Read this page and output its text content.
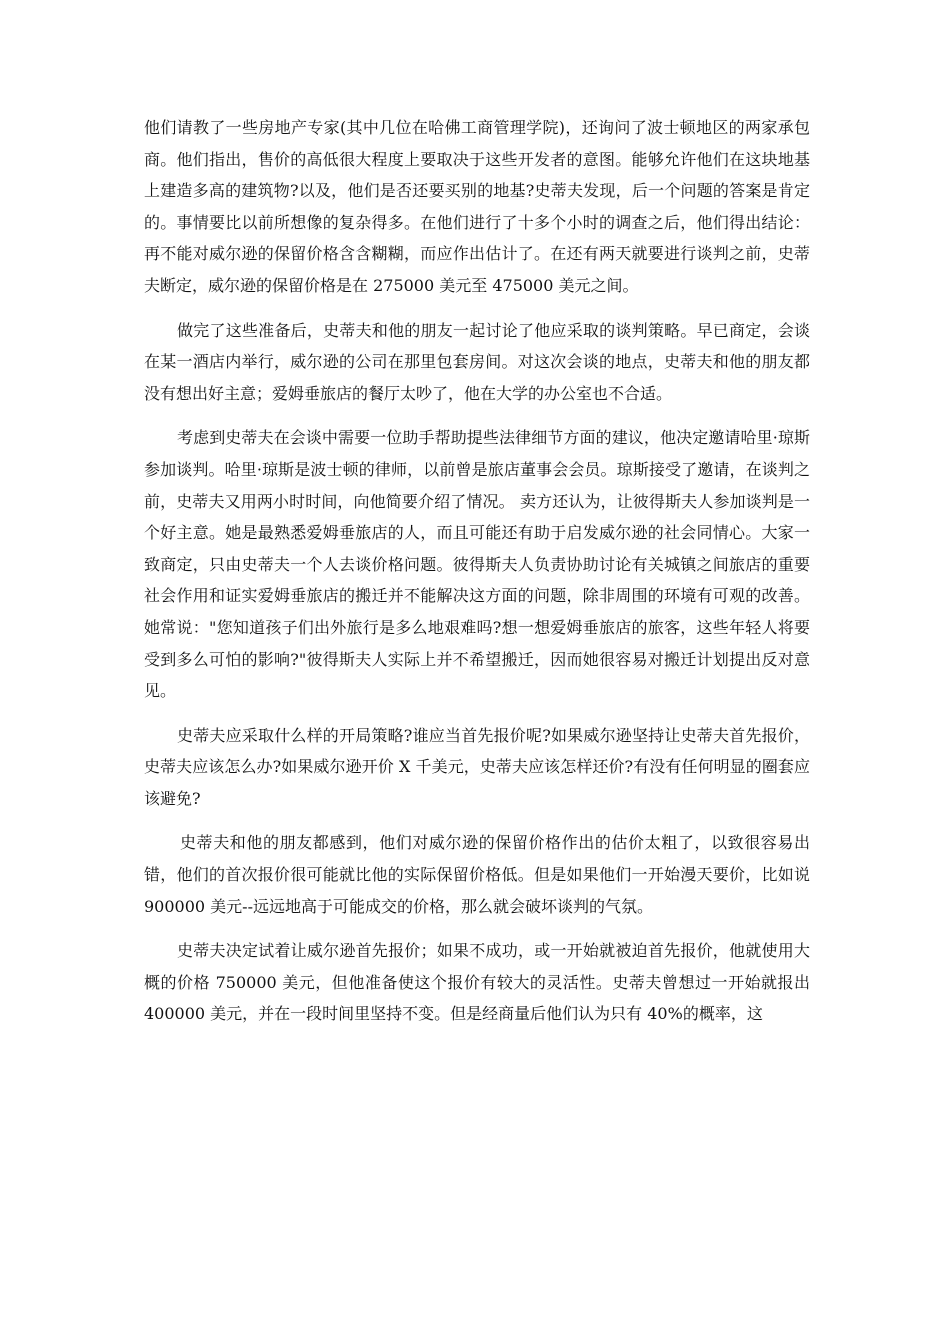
他们请教了一些房地产专家(其中几位在哈佛工商管理学院)，还询问了波士顿地区的两家承包商。他们指出，售价的高低很大程度上要取决于这些开发者的意图。能够允许他们在这块地基上建造多高的建筑物?以及，他们是否还要买别的地基?史蒂夫发现，后一个问题的答案是肯定的。事情要比以前所想像的复杂得多。在他们进行了十多个小时的调查之后，他们得出结论：再不能对威尔逊的保留价格含含糊糊，而应作出估计了。在还有两天就要进行谈判之前，史蒂夫断定，威尔逊的保留价格是在 275000 美元至 475000 美元之间。

做完了这些准备后，史蒂夫和他的朋友一起讨论了他应采取的谈判策略。早已商定，会谈在某一酒店内举行，威尔逊的公司在那里包套房间。对这次会谈的地点，史蒂夫和他的朋友都没有想出好主意；爱姆垂旅店的餐厅太吵了，他在大学的办公室也不合适。

考虑到史蒂夫在会谈中需要一位助手帮助提些法律细节方面的建议，他决定邀请哈里·琼斯参加谈判。哈里·琼斯是波士顿的律师，以前曾是旅店董事会会员。琼斯接受了邀请，在谈判之前，史蒂夫又用两小时时间，向他简要介绍了情况。 卖方还认为，让彼得斯夫人参加谈判是一个好主意。她是最熟悉爱姆垂旅店的人，而且可能还有助于启发威尔逊的社会同情心。大家一致商定，只由史蒂夫一个人去谈价格问题。彼得斯夫人负责协助讨论有关城镇之间旅店的重要社会作用和证实爱姆垂旅店的搬迁并不能解决这方面的问题，除非周围的环境有可观的改善。她常说："您知道孩子们出外旅行是多么地艰难吗?想一想爱姆垂旅店的旅客，这些年轻人将要受到多么可怕的影响?"彼得斯夫人实际上并不希望搬迁，因而她很容易对搬迁计划提出反对意见。

史蒂夫应采取什么样的开局策略?谁应当首先报价呢?如果威尔逊坚持让史蒂夫首先报价，史蒂夫应该怎么办?如果威尔逊开价 X 千美元，史蒂夫应该怎样还价?有没有任何明显的圈套应该避免?

史蒂夫和他的朋友都感到，他们对威尔逊的保留价格作出的估价太粗了，以致很容易出错，他们的首次报价很可能就比他的实际保留价格低。但是如果他们一开始漫天要价，比如说 900000 美元--远远地高于可能成交的价格，那么就会破坏谈判的气氛。

史蒂夫决定试着让威尔逊首先报价；如果不成功，或一开始就被迫首先报价，他就使用大概的价格 750000 美元，但他准备使这个报价有较大的灵活性。史蒂夫曾想过一开始就报出 400000 美元，并在一段时间里坚持不变。但是经商量后他们认为只有 40%的概率，这
